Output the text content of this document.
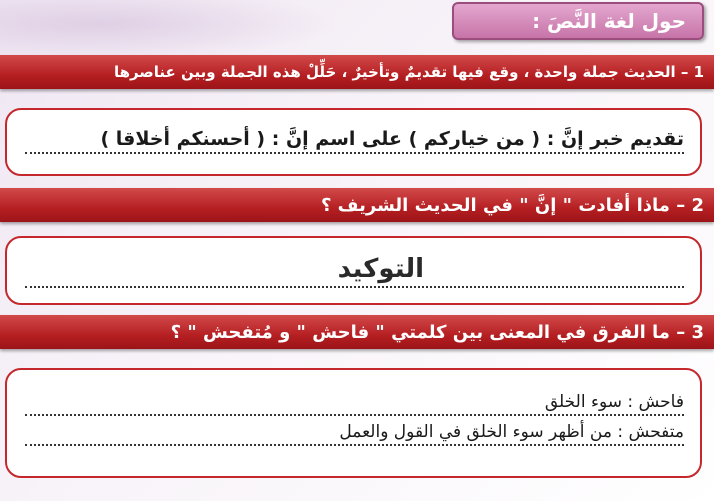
حول لغة النَّصَ :
1 – الحديث جملة واحدة ، وقع فيها تقديمٌ وتأخيرٌ ، حَلِّلْ هذه الجملة وبين عناصرها
تقديم خبر إنَّ : ( من خياركم ) على اسم إنَّ : ( أحسنكم أخلاقا )
2 – ماذا أفادت " إنَّ " في الحديث الشريف ؟
التوكيد
3 – ما الفرق في المعنى بين كلمتي " فاحش " و مُتفحش " ؟
فاحش : سوء الخلق
متفحش : من أظهر سوء الخلق في القول والعمل
